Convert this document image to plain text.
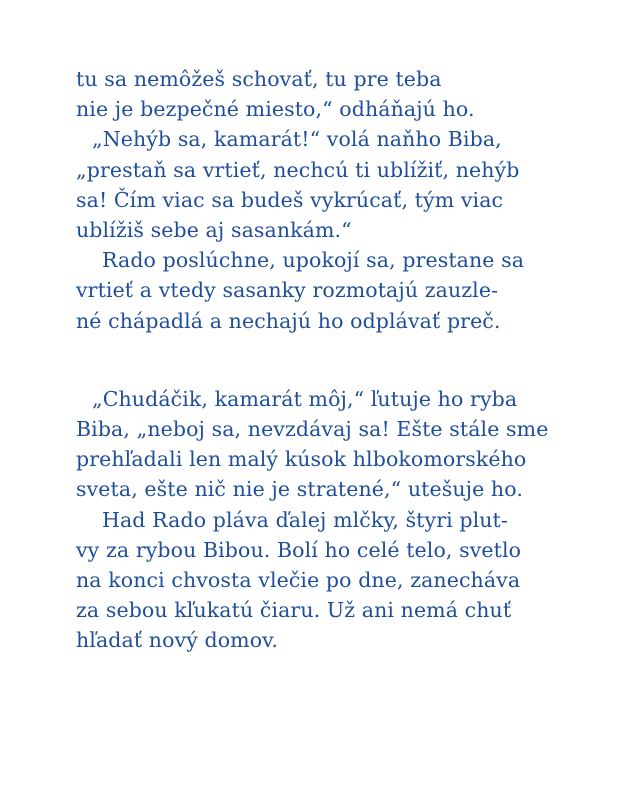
tu sa nemôžeš schovať, tu pre teba
nie je bezpečné miesto,“ odháňajú ho.
„Nehýb sa, kamarát!“ volá naňho Biba,
„prestaň sa vrtieť, nechcú ti ublížiť, nehýb
sa! Čím viac sa budeš vykrúcať, tým viac
ublížiš sebe aj sasankám.“
Rado poslúchne, upokojí sa, prestane sa
vrtieť a vtedy sasanky rozmotajú zauzle-
né chápadlá a nechajú ho odplávať preč.
„Chudáčik, kamarát môj,“ ľutuje ho ryba
Biba, „neboj sa, nevzdávaj sa! Ešte stále sme
prehľadali len malý kúsok hlbokomorského
sveta, ešte nič nie je stratené,“ utešuje ho.
Had Rado pláva ďalej mlčky, štyri plut-
vy za rybou Bibou. Bolí ho celé telo, svetlo
na konci chvosta vlečie po dne, zanecháva
za sebou kľukatú čiaru. Už ani nemá chuť
hľadať nový domov.
